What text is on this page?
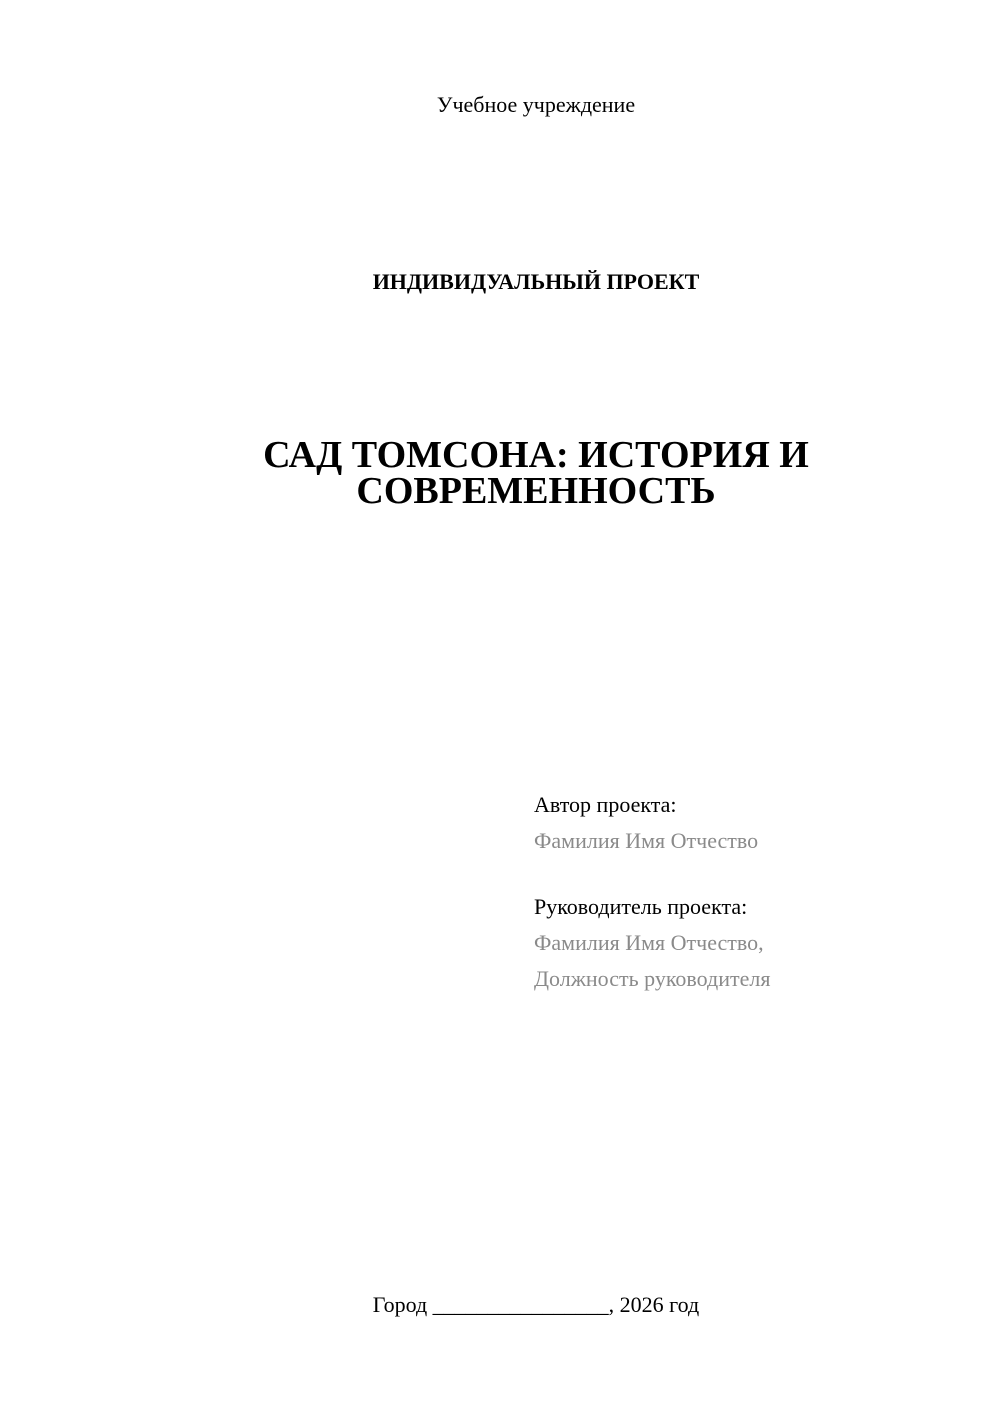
Учебное учреждение
ИНДИВИДУАЛЬНЫЙ ПРОЕКТ
САД ТОМСОНА: ИСТОРИЯ И
СОВРЕМЕННОСТЬ
Автор проекта:
Фамилия Имя Отчество
Руководитель проекта:
Фамилия Имя Отчество,
Должность руководителя
Город ________________, 2026 год
